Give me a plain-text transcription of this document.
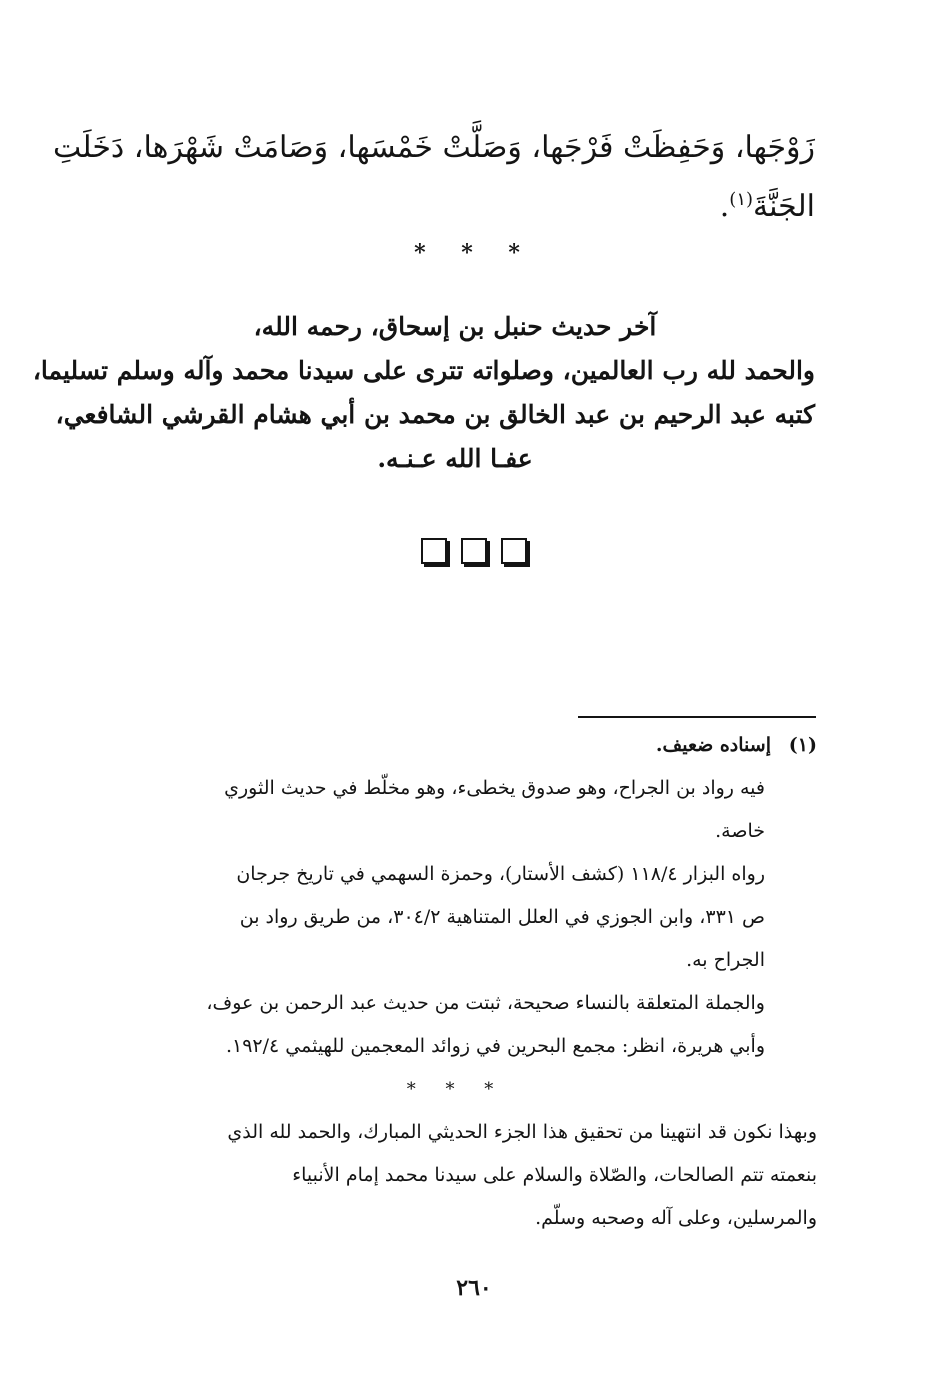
زَوْجَها، وَحَفِظَتْ فَرْجَها، وَصَلَّتْ خَمْسَها، وَصَامَتْ شَهْرَها، دَخَلَتِ
الجَنَّةَ$^{(١)}$.
* * *
آخر حديث حنبل بن إسحاق، رحمه الله،
والحمد لله رب العالمين، وصلواته تترى على سيدنا محمد وآله وسلم تسليما،
كتبه عبد الرحيم بن عبد الخالق بن محمد بن أبي هشام القرشي الشافعي،
عفـا الله عـنـه.
(١)إسناده ضعيف.
فيه رواد بن الجراح، وهو صدوق يخطىء، وهو مخلّط في حديث الثوري
خاصة.
رواه البزار ١١٨/٤ (كشف الأستار)، وحمزة السهمي في تاريخ جرجان
ص ٣٣١، وابن الجوزي في العلل المتناهية ٣٠٤/٢، من طريق رواد بن
الجراح به.
والجملة المتعلقة بالنساء صحيحة، ثبتت من حديث عبد الرحمن بن عوف،
وأبي هريرة، انظر: مجمع البحرين في زوائد المعجمين للهيثمي ١٩٢/٤.
* * *
وبهذا نكون قد انتهينا من تحقيق هذا الجزء الحديثي المبارك، والحمد لله الذي
بنعمته تتم الصالحات، والصّلاة والسلام على سيدنا محمد إمام الأنبياء
والمرسلين، وعلى آله وصحبه وسلّم.
٢٦٠
